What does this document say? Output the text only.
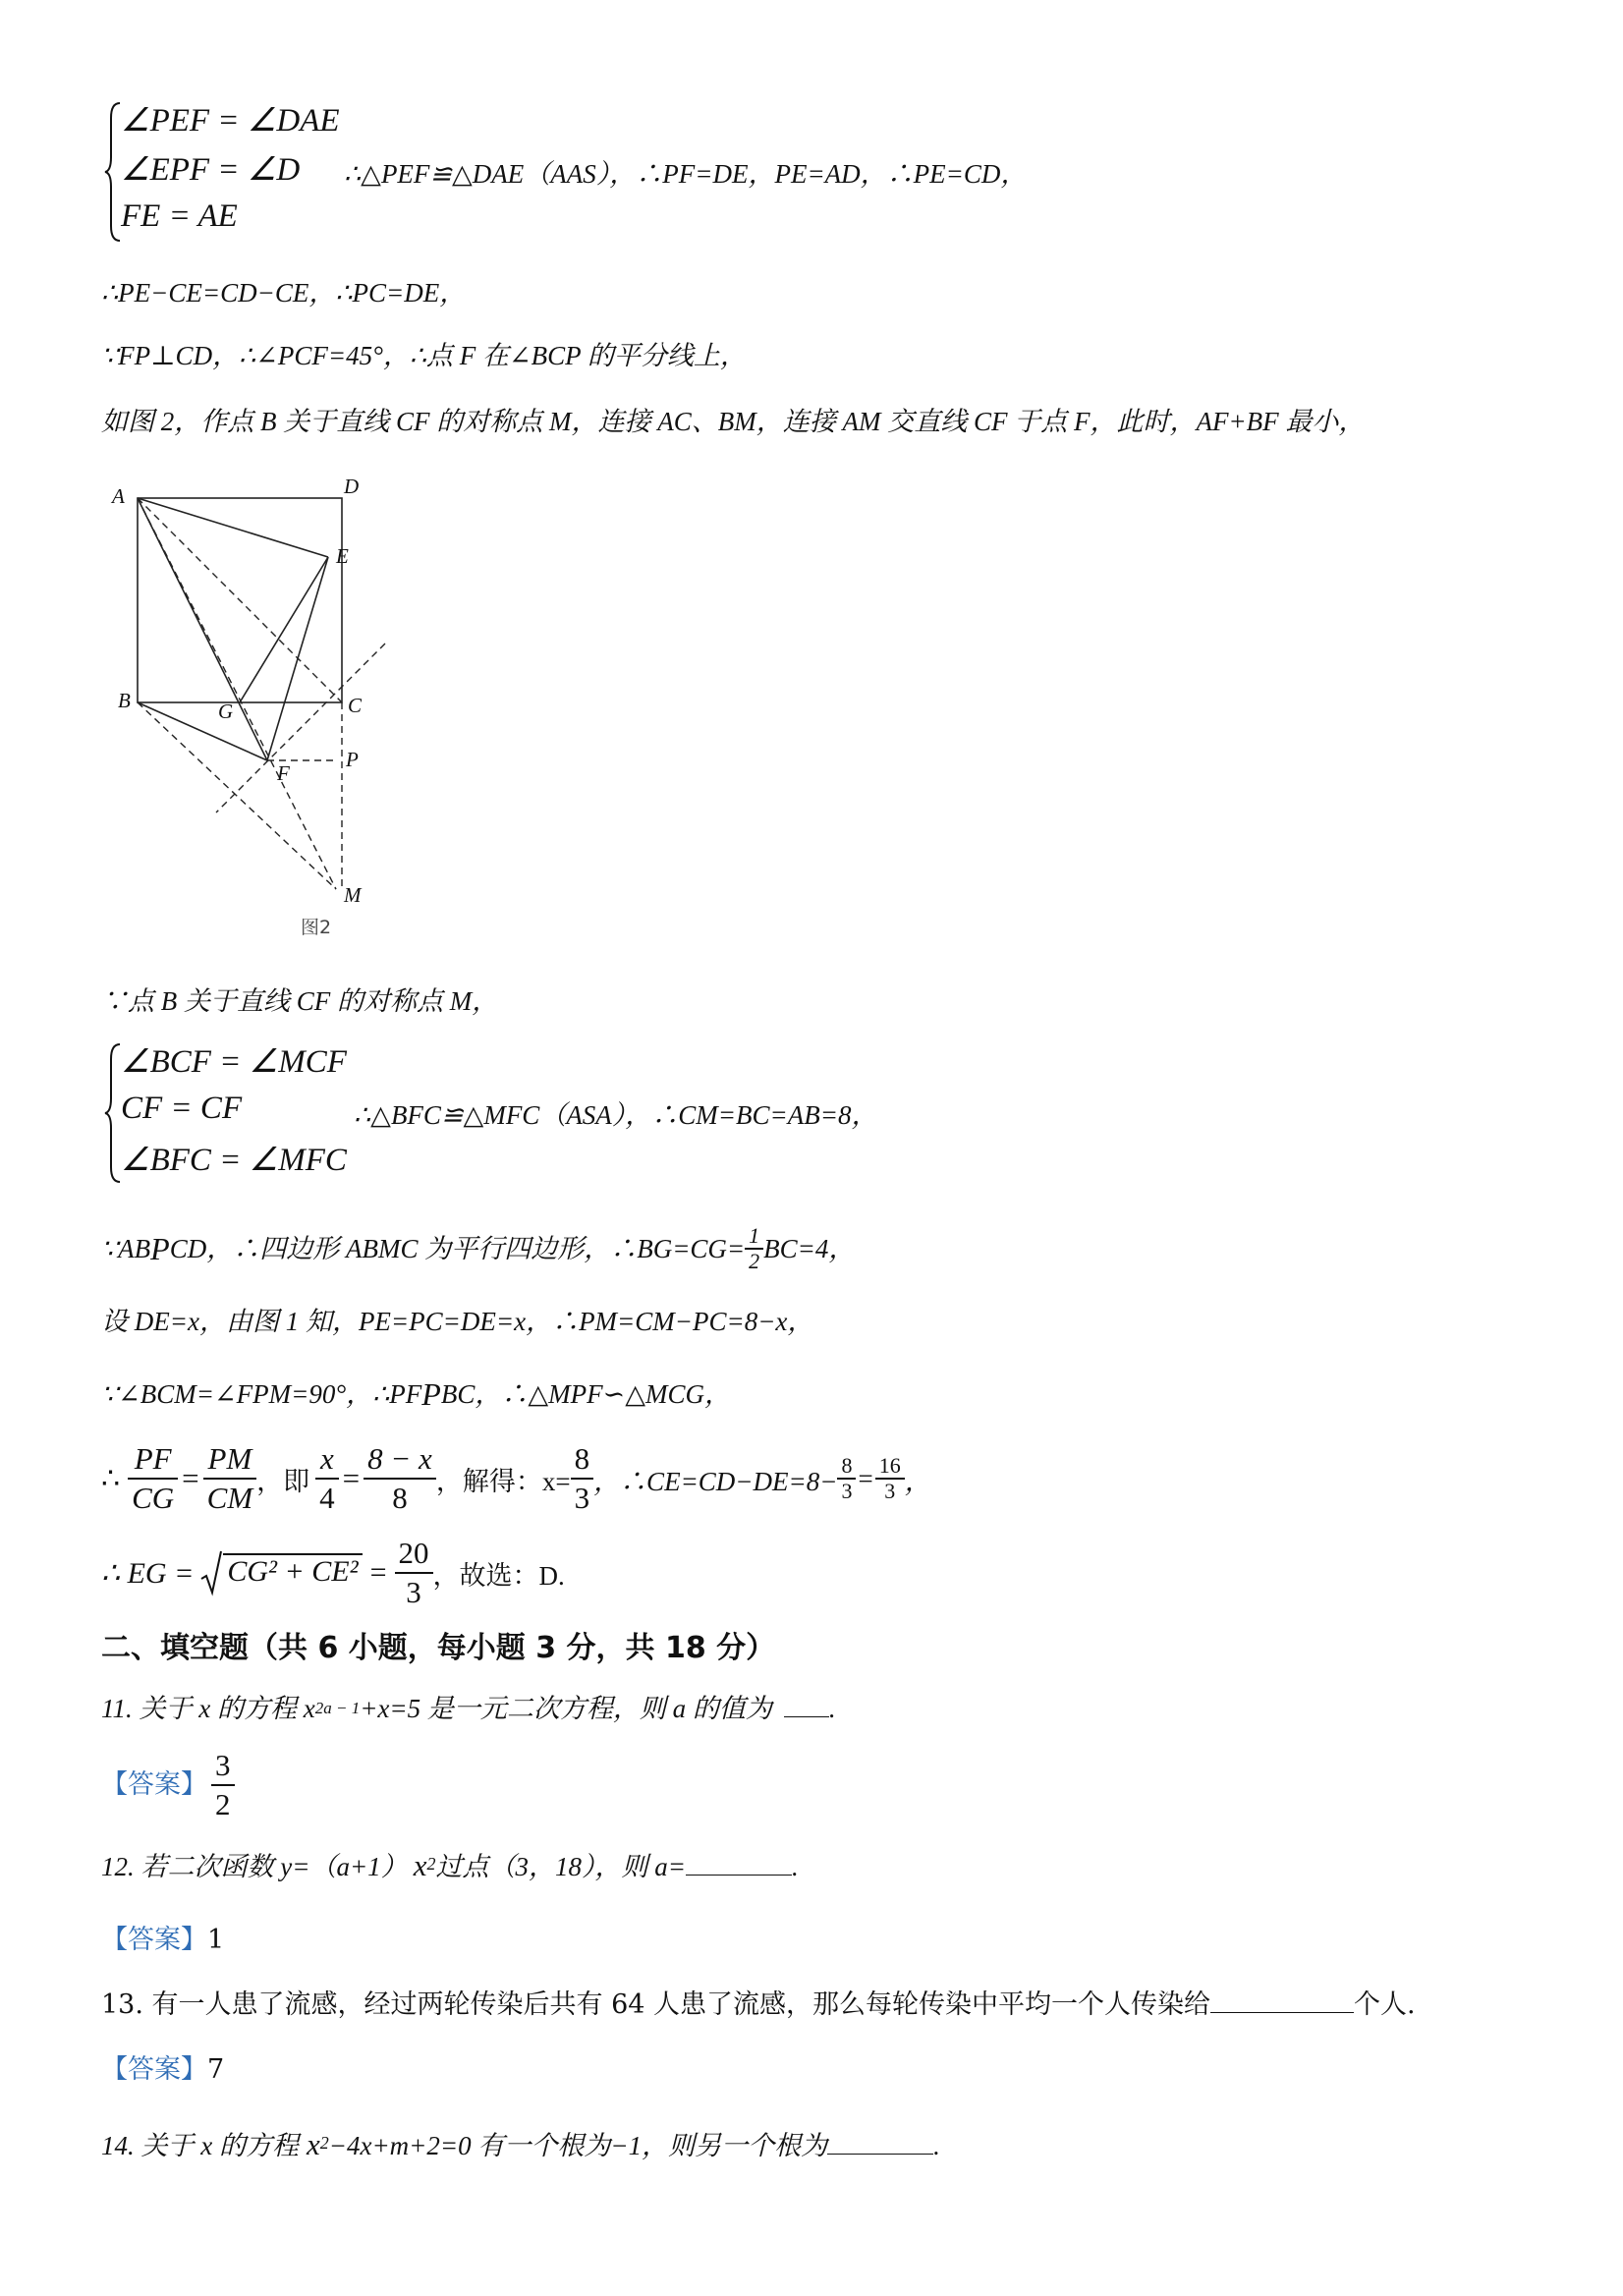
∠PEF = ∠DAE
∠EPF = ∠D
FE = AE
∴△PEF≌△DAE（AAS），∴PF=DE，PE=AD，∴PE=CD，
∴PE−CE=CD−CE，∴PC=DE，
∵FP⊥CD，∴∠PCF=45°，∴点 F 在∠BCP 的平分线上，
如图 2，作点 B 关于直线 CF 的对称点 M，连接 AC、BM，连接 AM 交直线 CF 于点 F，此时，AF+BF 最小，
A	D
E
B	G	C
F
P
M
图2
∵点 B 关于直线 CF 的对称点 M，
∠BCF = ∠MCF
CF = CF
∠BFC = ∠MFC
∴△BFC≌△MFC（ASA），∴CM=BC=AB=8，
∵AB P CD，∴四边形 ABMC 为平行四边形，∴BG=CG= $\frac{1}{2} BC=4$，
设 DE=x，由图 1 知，PE=PC=DE=x，∴PM=CM−PC=8−x，
∵∠BCM=∠FPM=90°，∴PF P BC，∴△MPF∽△MCG，
∴ $\frac{PF}{CG} = \frac{PM}{CM}$ ，即 $\frac{x}{4} = \frac{8 - x}{8}$ ，解得：$x= \frac{8}{3}$ ，∴CE=CD−DE=8− $\frac{8}{3} = \frac{16}{3}$ ，
∴ EG = $CG^2 + CE^2 = \frac{20}{3}$ ，故选：D.
二、填空题（共 6 小题，每小题 3 分，共 18 分）
11. 关于 x 的方程 $x^{2a - 1} +x=5$ 是一元二次方程，则 a 的值为 .
【答案】 $\frac{3}{2}$
12. 若二次函数 y=（a+1） $x^2$ 过点（3，18），则 a=	.
【答案】1
13. 有一人患了流感，经过两轮传染后共有 64 人患了流感，那么每轮传染中平均一个人传染给	个人.
【答案】7
14. 关于 x 的方程 $x^2 -4x+m+2=0$ 有一个根为−1，则另一个根为	.
